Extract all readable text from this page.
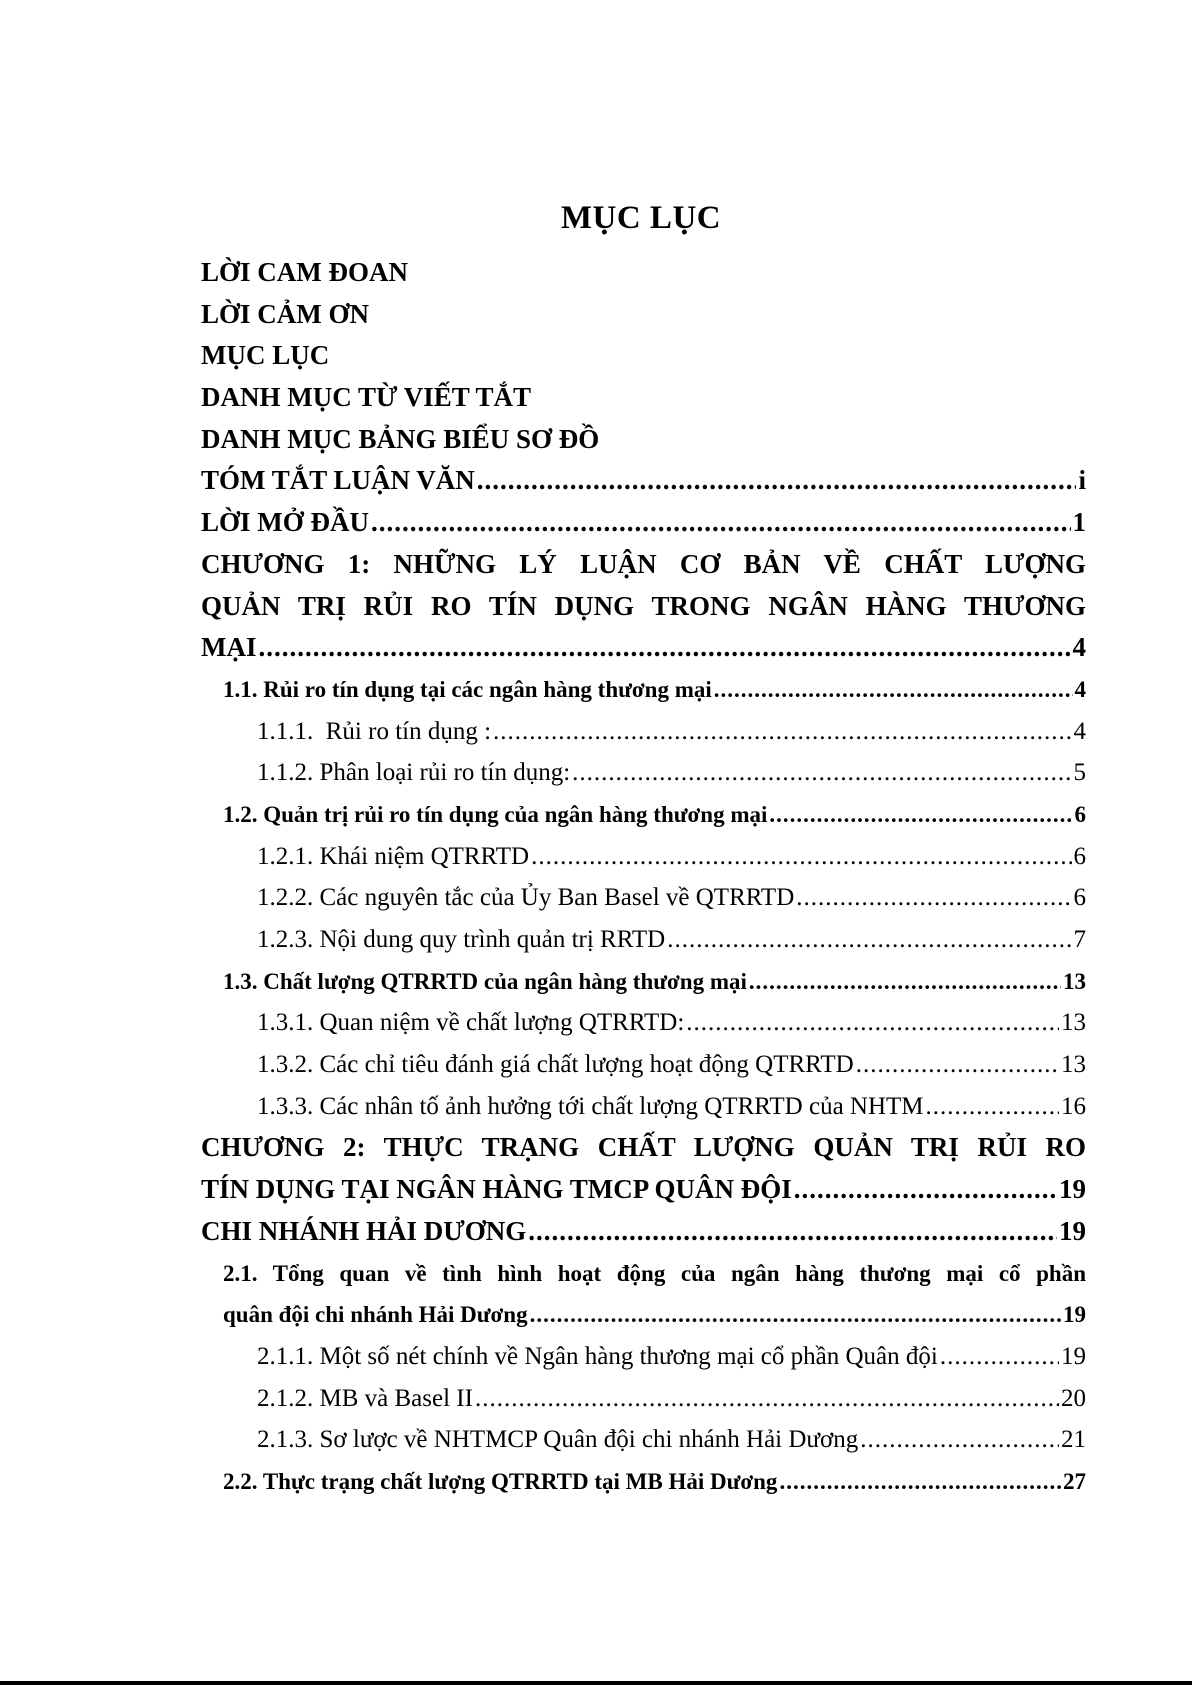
MỤC LỤC
LỜI CAM ĐOAN
LỜI CẢM ƠN
MỤC LỤC
DANH MỤC TỪ VIẾT TẮT
DANH MỤC BẢNG BIỂU SƠ ĐỒ
TÓM TẮT LUẬN VĂN .....	i
LỜI MỞ ĐẦU .....	1
CHƯƠNG 1: NHỮNG LÝ LUẬN CƠ BẢN VỀ CHẤT LƯỢNG
QUẢN TRỊ RỦI RO TÍN DỤNG TRONG NGÂN HÀNG THƯƠNG
MẠI .....	4
1.1. Rủi ro tín dụng tại các ngân hàng thương mại .....	4
1.1.1.  Rủi ro tín dụng : .....	4
1.1.2. Phân loại rủi ro tín dụng: .....	5
1.2. Quản trị rủi ro tín dụng của ngân hàng thương mại .....	6
1.2.1. Khái niệm QTRRTD .....	6
1.2.2. Các nguyên tắc của Ủy Ban Basel về QTRRTD .....	6
1.2.3. Nội dung quy trình quản trị RRTD .....	7
1.3. Chất lượng QTRRTD của ngân hàng thương mại .....	13
1.3.1. Quan niệm về chất lượng QTRRTD: .....	13
1.3.2. Các chỉ tiêu đánh giá chất lượng hoạt động QTRRTD .....	13
1.3.3. Các nhân tố ảnh hưởng tới chất lượng QTRRTD của NHTM .....	16
CHƯƠNG 2: THỰC TRẠNG CHẤT LƯỢNG QUẢN TRỊ RỦI RO
TÍN DỤNG TẠI NGÂN HÀNG TMCP QUÂN ĐỘI .....	19
CHI NHÁNH HẢI DƯƠNG .....	19
2.1. Tổng quan về tình hình hoạt động của ngân hàng thương mại cổ phần
quân đội chi nhánh Hải Dương .....	19
2.1.1. Một số nét chính về Ngân hàng thương mại cổ phần Quân đội .....	19
2.1.2. MB và Basel II .....	20
2.1.3. Sơ lược về NHTMCP Quân đội chi nhánh Hải Dương .....	21
2.2. Thực trạng chất lượng QTRRTD tại MB Hải Dương .....	27
